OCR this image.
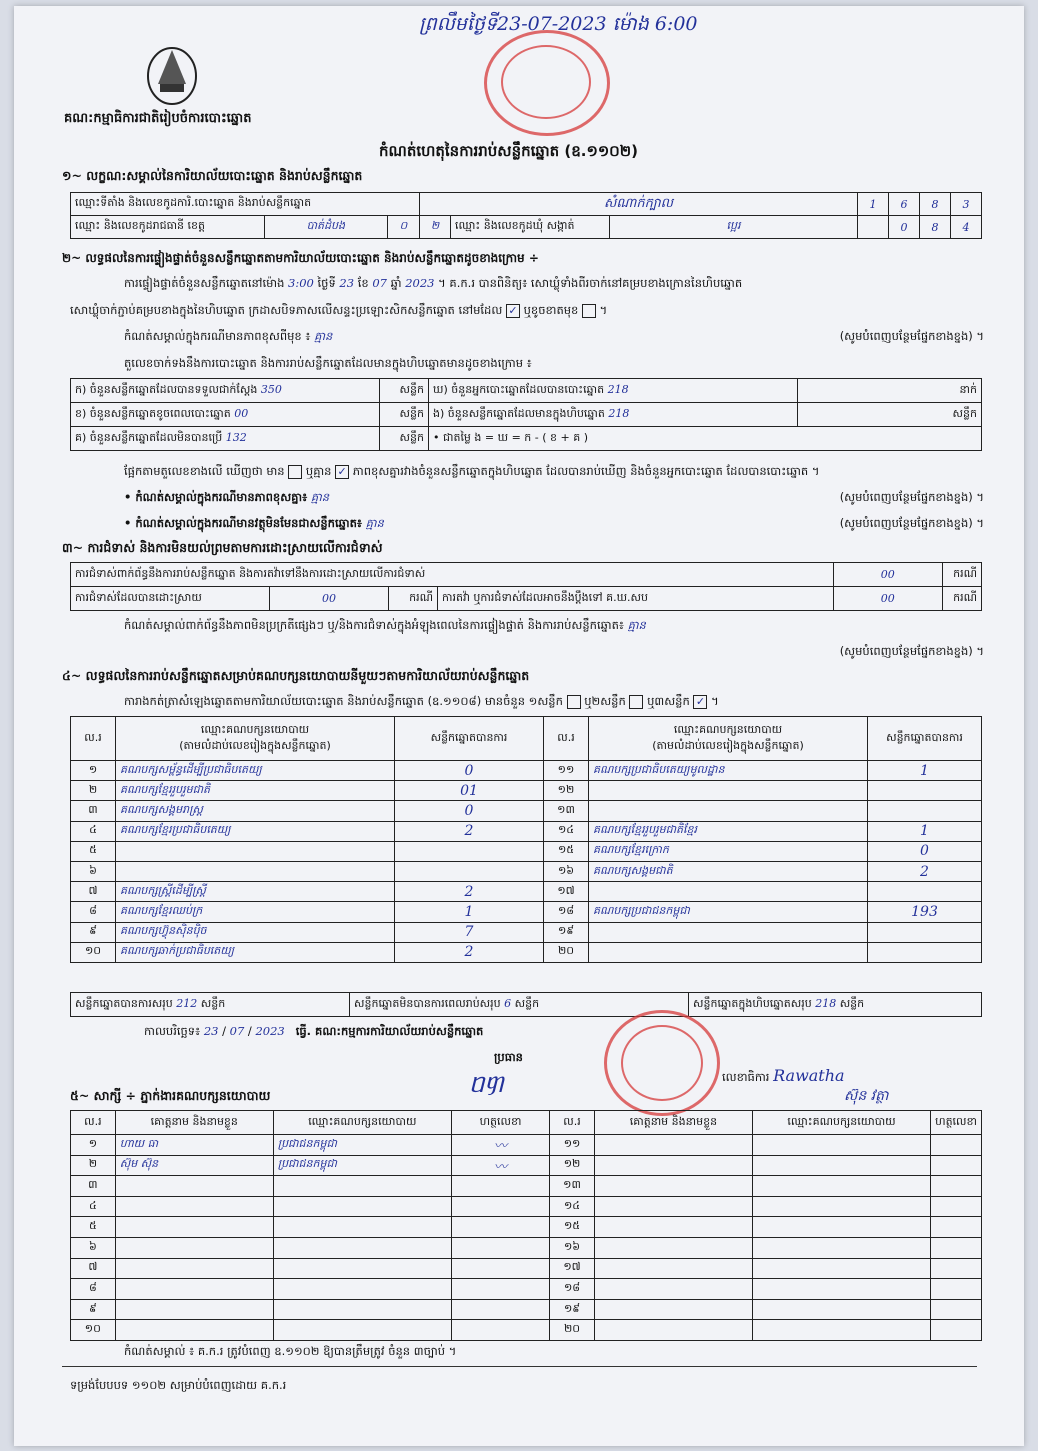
ព្រលឹមថ្ងៃទី23-07-2023 ម៉ោង 6:00
គណ:កម្មាធិការជាតិរៀបចំការបោះឆ្នោត
កំណត់ហេតុនៃការរាប់សន្លឹកឆ្នោត (ឧ.១១០២)
១~ លក្ខណ:សម្គាល់នៃការិយាល័យបោះឆ្នោត និងរាប់សន្លឹកឆ្នោត
ឈ្មោះទីតាំង និងលេខកូដការិ.បោះឆ្នោត និងរាប់សន្លឹកឆ្នោត			សំណាក់ក្បាល			1	6	8	3
ឈ្មោះ និងលេខកូដរាជធានី ខេត្ត	បាត់ដំបង	០	២	ឈ្មោះ និងលេខកូដឃុំ សង្កាត់	ប្អេរ		0	8	4
២~ លទ្ធផលនៃការផ្ទៀងផ្ទាត់ចំនួនសន្លឹកឆ្នោតតាមការិយាល័យបោះឆ្នោត និងរាប់សន្លឹកឆ្នោតដូចខាងក្រោម ÷
ការផ្ទៀងផ្ទាត់ចំនួនសន្លឹកឆ្នោតនៅម៉ោង 3:00 ថ្ងៃទី 23 ខែ 07 ឆ្នាំ 2023 ។ គ.ក.រ បានពិនិត្យ៖ សោឃ្លុំទាំងពីរចាក់នៅគម្របខាងក្រោននៃហិបឆ្នោត
សោឃ្លុំចាក់ភ្ជាប់គម្របខាងក្នុងនៃហិបឆ្នោត ក្រដាសបិទភាសលើសន្ទះប្រឡោះសិកសន្លឹកឆ្នោត នៅមដែល ✓ ឬខូចខាតមុខ  ។
កំណត់សម្គាល់ក្នុងករណីមានភាពខុសពីមុខ ៖ គ្មាន	(សូមបំពេញបន្ថែមផ្នែកខាងខ្នង) ។
តួលេខចាក់ទងនឹងការបោះឆ្នោត និងការរាប់សន្លឹកឆ្នោតដែលមានក្នុងហិបឆ្នោតមានដូចខាងក្រោម ៖
ក) ចំនួនសន្លឹកឆ្នោតដែលបានទទួលជាក់ស្តែង 350	សន្លឹក	ឃ) ចំនួនអ្នកបោះឆ្នោតដែលបានបោះឆ្នោត 218	នាក់
ខ) ចំនួនសន្លឹកឆ្នោតខូចពេលបោះឆ្នោត 00	សន្លឹក	ង) ចំនួនសន្លឹកឆ្នោតដែលមានក្នុងហិបឆ្នោត 218	សន្លឹក
គ) ចំនួនសន្លឹកឆ្នោតដែលមិនបានប្រើ 132	សន្លឹក	• ជាតម្លៃ ង = ឃ = ក - ( ខ + គ )	
ផ្អែកតាមតួលេខខាងលើ ឃើញថា មាន ឬគ្មាន ✓ ភាពខុសគ្នារវាងចំនួនសន្លឹកឆ្នោតក្នុងហិបឆ្នោត ដែលបានរាប់ឃើញ និងចំនួនអ្នកបោះឆ្នោត ដែលបានបោះឆ្នោត ។
• កំណត់សម្គាល់ក្នុងករណីមានភាពខុសគ្នា៖ គ្មាន	(សូមបំពេញបន្ថែមផ្នែកខាងខ្នង) ។
• កំណត់សម្គាល់ក្នុងករណីមានវត្ថុមិនមែនជាសន្លឹកឆ្នោត៖ គ្មាន	(សូមបំពេញបន្ថែមផ្នែកខាងខ្នង) ។
៣~ ការជំទាស់ និងការមិនយល់ព្រមតាមការដោះស្រាយលើការជំទាស់
ការជំទាស់ពាក់ព័ន្ធនឹងការរាប់សន្លឹកឆ្នោត និងការតវ៉ាទៅនឹងការដោះស្រាយលើការជំទាស់				00	ករណី
ការជំទាស់ដែលបានដោះស្រាយ	00	ករណី	ការតវ៉ា ឬការជំទាស់ដែលអាចនឹងប្តឹងទៅ គ.ឃ.សប	00	ករណី
កំណត់សម្គាល់ពាក់ព័ន្ធនឹងភាពមិនប្រក្រតីផ្សេងៗ ឬ/និងការជំទាស់ក្នុងអំឡុងពេលនៃការផ្ទៀងផ្ទាត់ និងការរាប់សន្លឹកឆ្នោត៖ គ្មាន
(សូមបំពេញបន្ថែមផ្នែកខាងខ្នង) ។
៤~ លទ្ធផលនៃការរាប់សន្លឹកឆ្នោតសម្រាប់គណបក្សនយោបាយនីមួយៗតាមការិយាល័យរាប់សន្លឹកឆ្នោត
ការាងកត់ត្រាសំឡេងឆ្នោតតាមការិយាល័យបោះឆ្នោត និងរាប់សន្លឹកឆ្នោត (ឧ.១១០៨) មានចំនួន ១សន្លឹក ឬ២សន្លឹក ឬ៣សន្លឹក ✓ ។
ល.រ	ឈ្មោះគណបក្សនយោបាយ
(តាមលំដាប់លេខរៀងក្នុងសន្លឹកឆ្នោត)	សន្លឹកឆ្នោតបានការ	ល.រ	ឈ្មោះគណបក្សនយោបាយ
(តាមលំដាប់លេខរៀងក្នុងសន្លឹកឆ្នោត)	សន្លឹកឆ្នោតបានការ
១	គណបក្សសម្ព័ន្ធដើម្បីប្រជាធិបតេយ្យ	0	១១	គណបក្សប្រជាធិបតេយ្យមូលដ្ឋាន	1
២	គណបក្សខ្មែររួបរួមជាតិ	01	១២		
៣	គណបក្សសង្គមរាស្ត្រ	0	១៣		
៤	គណបក្សខ្មែរប្រជាធិបតេយ្យ	2	១៤	គណបក្សខ្មែររួបរួមជាតិខ្មែរ	1
៥			១៥	គណបក្សខ្មែរក្រោក	0
៦			១៦	គណបក្សសង្គមជាតិ	2
៧	គណបក្សស្ត្រីដើម្បីស្ត្រី	2	១៧		
៨	គណបក្សខ្មែរឈប់ក្រ	1	១៨	គណបក្សប្រជាជនកម្ពុជា	193
៩	គណបក្សហ៊្វុនស៊ិនប៉ិច	7	១៩		
១០	គណបក្សឆាក់ប្រជាធិបតេយ្យ	2	២០		
សន្លឹកឆ្នោតបានការសរុប 212 សន្លឹក	សន្លឹកឆ្នោតមិនបានការពេលរាប់សរុប 6 សន្លឹក	សន្លឹកឆ្នោតក្នុងហិបឆ្នោតសរុប 218 សន្លឹក
កាលបរិច្ឆេទ៖ 23 / 07 / 2023 ធ្វើ. គណ:កម្មការការិយាល័យរាប់សន្លឹកឆ្នោត
ប្រធាន
ᥝᥞ	លេខាធិការ Rawatha
ស៊ុន វត្ថា
៥~ សាក្សី ÷ ភ្នាក់ងារគណបក្សនយោបាយ
ល.រ	គោត្តនាម និងនាមខ្លួន	ឈ្មោះគណបក្សនយោបាយ	ហត្ថលេខា	ល.រ	គោត្តនាម និងនាមខ្លួន	ឈ្មោះគណបក្សនយោបាយ	ហត្ថលេខា
១	ហាយ ធា	ប្រជាជនកម្ពុជា	〰	១១			
២	ស៊ុម ស៊ុន	ប្រជាជនកម្ពុជា	〰	១២			
៣				១៣			
៤				១៤			
៥				១៥			
៦				១៦			
៧				១៧			
៨				១៨			
៩				១៩			
១០				២០			
កំណត់សម្គាល់ ៖ គ.ក.រ ត្រូវបំពេញ ឧ.១១០២ ឱ្យបានត្រឹមត្រូវ ចំនួន ៣ច្បាប់ ។
ទម្រង់បែបបទ ១១០២ សម្រាប់បំពេញដោយ គ.ក.រ
